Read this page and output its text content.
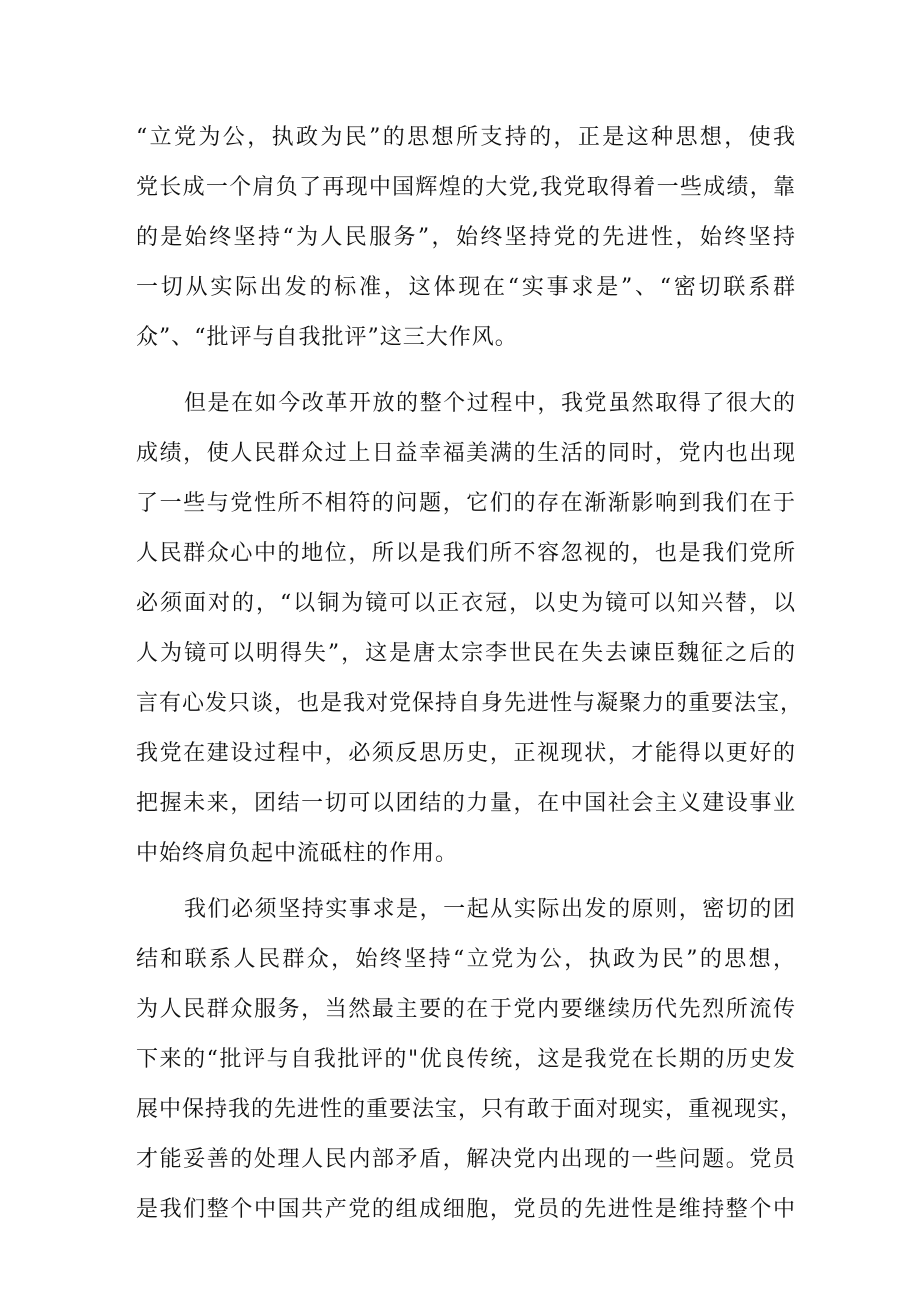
“立党为公，执政为民”的思想所支持的，正是这种思想，使我
党长成一个肩负了再现中国辉煌的大党,我党取得着一些成绩，靠
的是始终坚持“为人民服务”，始终坚持党的先进性，始终坚持
一切从实际出发的标准，这体现在“实事求是”、“密切联系群
众”、“批评与自我批评”这三大作风。
但是在如今改革开放的整个过程中，我党虽然取得了很大的
成绩，使人民群众过上日益幸福美满的生活的同时，党内也出现
了一些与党性所不相符的问题，它们的存在渐渐影响到我们在于
人民群众心中的地位，所以是我们所不容忽视的，也是我们党所
必须面对的，“以铜为镜可以正衣冠，以史为镜可以知兴替，以
人为镜可以明得失”，这是唐太宗李世民在失去谏臣魏征之后的
言有心发只谈，也是我对党保持自身先进性与凝聚力的重要法宝，
我党在建设过程中，必须反思历史，正视现状，才能得以更好的
把握未来，团结一切可以团结的力量，在中国社会主义建设事业
中始终肩负起中流砥柱的作用。
我们必须坚持实事求是，一起从实际出发的原则，密切的团
结和联系人民群众，始终坚持“立党为公，执政为民”的思想，
为人民群众服务，当然最主要的在于党内要继续历代先烈所流传
下来的“批评与自我批评的"优良传统，这是我党在长期的历史发
展中保持我的先进性的重要法宝，只有敢于面对现实，重视现实，
才能妥善的处理人民内部矛盾，解决党内出现的一些问题。党员
是我们整个中国共产党的组成细胞，党员的先进性是维持整个中
